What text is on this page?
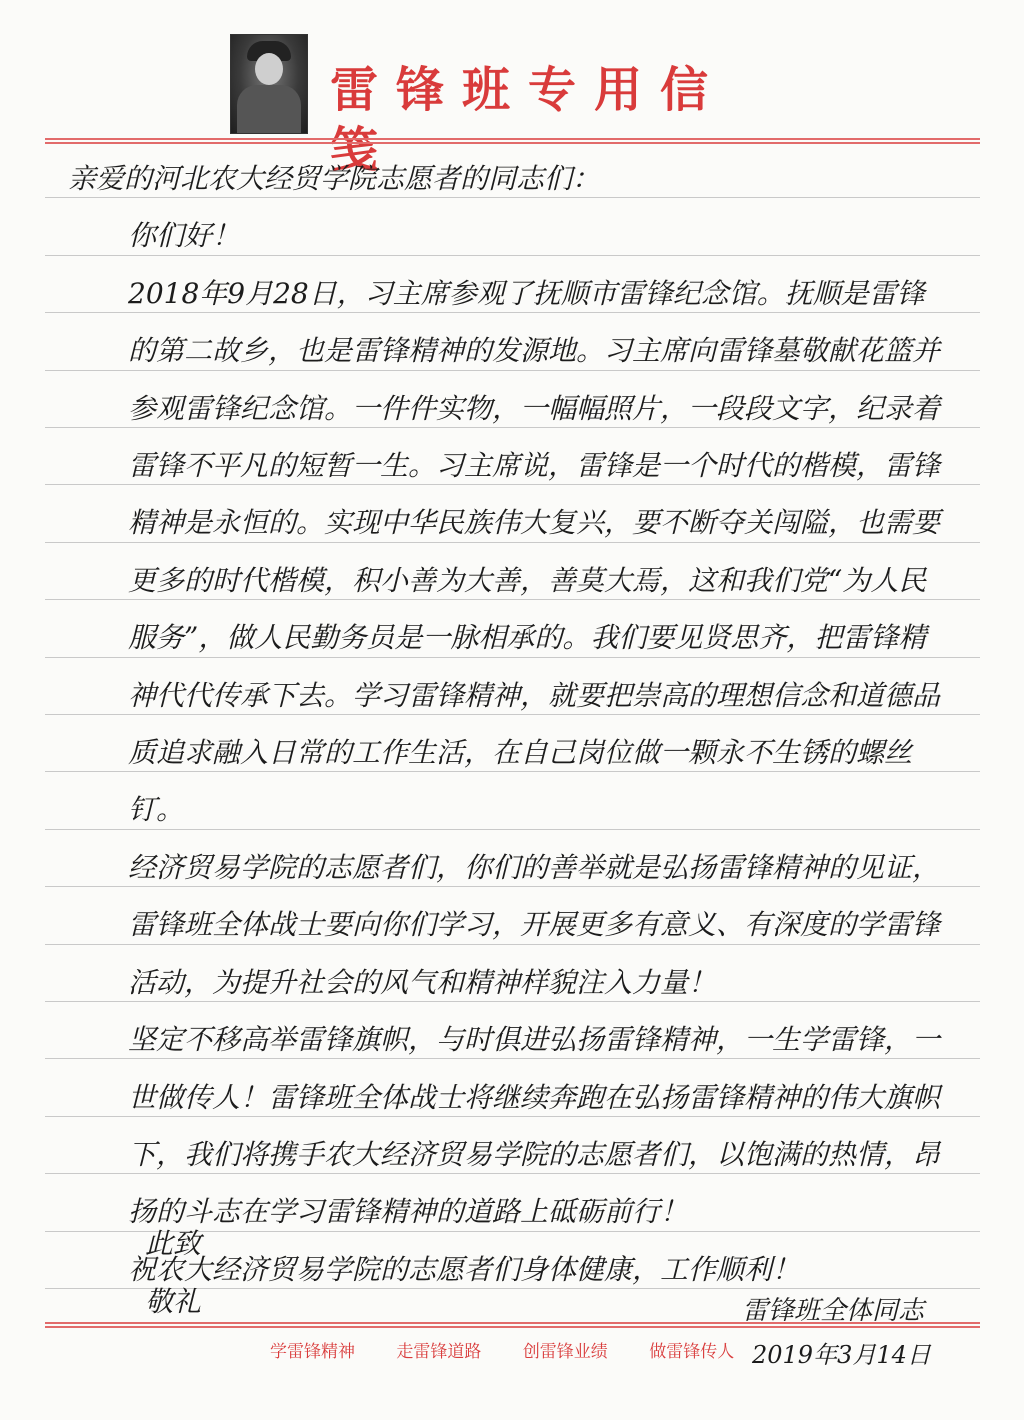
雷锋班专用信笺

亲爱的河北农大经贸学院志愿者的同志们：

你们好！

2018年9月28日，习主席参观了抚顺市雷锋纪念馆。抚顺是雷锋的第二故乡，也是雷锋精神的发源地。习主席向雷锋墓敬献花篮并参观雷锋纪念馆。一件件实物，一幅幅照片，一段段文字，纪录着雷锋不平凡的短暂一生。习主席说，雷锋是一个时代的楷模，雷锋精神是永恒的。实现中华民族伟大复兴，要不断夺关闯隘，也需要更多的时代楷模，积小善为大善，善莫大焉，这和我们党“为人民服务”，做人民勤务员是一脉相承的。我们要见贤思齐，把雷锋精神代代传承下去。学习雷锋精神，就要把崇高的理想信念和道德品质追求融入日常的工作生活，在自己岗位做一颗永不生锈的螺丝钉。

经济贸易学院的志愿者们，你们的善举就是弘扬雷锋精神的见证，雷锋班全体战士要向你们学习，开展更多有意义、有深度的学雷锋活动，为提升社会的风气和精神样貌注入力量！

坚定不移高举雷锋旗帜，与时俱进弘扬雷锋精神，一生学雷锋，一世做传人！雷锋班全体战士将继续奔跑在弘扬雷锋精神的伟大旗帜下，我们将携手农大经济贸易学院的志愿者们，以饱满的热情，昂扬的斗志在学习雷锋精神的道路上砥砺前行！

祝农大经济贸易学院的志愿者们身体健康，工作顺利！

此致
敬礼	雷锋班全体同志
学雷锋精神 走雷锋道路 创雷锋业绩 做雷锋传人 2019年3月14日
